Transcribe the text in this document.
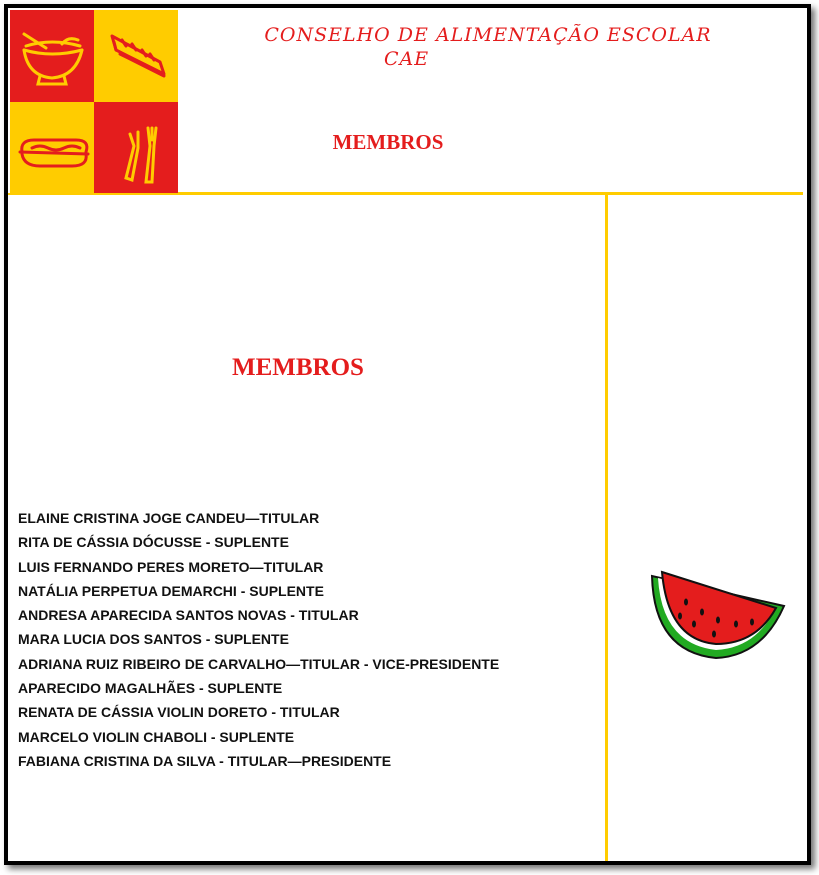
CONSELHO DE ALIMENTAÇÃO ESCOLAR
CAE
MEMBROS
MEMBROS
ELAINE CRISTINA JOGE CANDEU—TITULAR
RITA DE CÁSSIA DÓCUSSE - SUPLENTE
LUIS FERNANDO PERES MORETO—TITULAR
NATÁLIA PERPETUA DEMARCHI - SUPLENTE
ANDRESA APARECIDA SANTOS NOVAS - TITULAR
MARA LUCIA DOS SANTOS - SUPLENTE
ADRIANA RUIZ RIBEIRO DE CARVALHO—TITULAR - VICE-PRESIDENTE
APARECIDO MAGALHÃES - SUPLENTE
RENATA DE CÁSSIA VIOLIN DORETO - TITULAR
MARCELO VIOLIN CHABOLI - SUPLENTE
FABIANA CRISTINA DA SILVA - TITULAR—PRESIDENTE
